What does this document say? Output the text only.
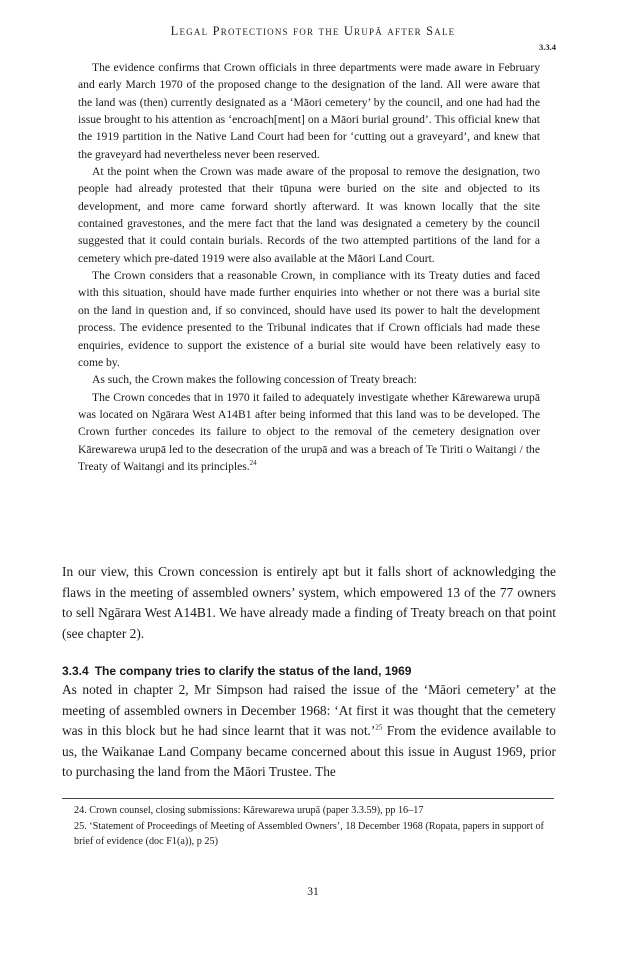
Legal Protections for the Urupā after Sale
3.3.4

The evidence confirms that Crown officials in three departments were made aware in February and early March 1970 of the proposed change to the designation of the land. All were aware that the land was (then) currently designated as a ‘Māori cemetery’ by the council, and one had had the issue brought to his attention as ‘encroach[ment] on a Māori burial ground’. This official knew that the 1919 partition in the Native Land Court had been for ‘cutting out a graveyard’, and knew that the graveyard had nevertheless never been reserved.

At the point when the Crown was made aware of the proposal to remove the designation, two people had already protested that their tūpuna were buried on the site and objected to its development, and more came forward shortly afterward. It was known locally that the site contained gravestones, and the mere fact that the land was designated a cemetery by the council suggested that it could contain burials. Records of the two attempted partitions of the land for a cemetery which pre-dated 1919 were also available at the Māori Land Court.

The Crown considers that a reasonable Crown, in compliance with its Treaty duties and faced with this situation, should have made further enquiries into whether or not there was a burial site on the land in question and, if so convinced, should have used its power to halt the development process. The evidence presented to the Tribunal indicates that if Crown officials had made these enquiries, evidence to support the existence of a burial site would have been relatively easy to come by.

As such, the Crown makes the following concession of Treaty breach:

The Crown concedes that in 1970 it failed to adequately investigate whether Kārewarewa urupā was located on Ngārara West A14B1 after being informed that this land was to be developed. The Crown further concedes its failure to object to the removal of the cemetery designation over Kārewarewa urupā led to the desecration of the urupā and was a breach of Te Tiriti o Waitangi / the Treaty of Waitangi and its principles.$^{24}$

In our view, this Crown concession is entirely apt but it falls short of acknowledging the flaws in the meeting of assembled owners’ system, which empowered 13 of the 77 owners to sell Ngārara West A14B1. We have already made a finding of Treaty breach on that point (see chapter 2).

3.3.4 The company tries to clarify the status of the land, 1969

As noted in chapter 2, Mr Simpson had raised the issue of the ‘Māori cemetery’ at the meeting of assembled owners in December 1968: ‘At first it was thought that the cemetery was in this block but he had since learnt that it was not.’$^{25}$ From the evidence available to us, the Waikanae Land Company became concerned about this issue in August 1969, prior to purchasing the land from the Māori Trustee. The

24. Crown counsel, closing submissions: Kārewarewa urupā (paper 3.3.59), pp 16–17

25. ‘Statement of Proceedings of Meeting of Assembled Owners’, 18 December 1968 (Ropata, papers in support of brief of evidence (doc F1(a)), p 25)

31
